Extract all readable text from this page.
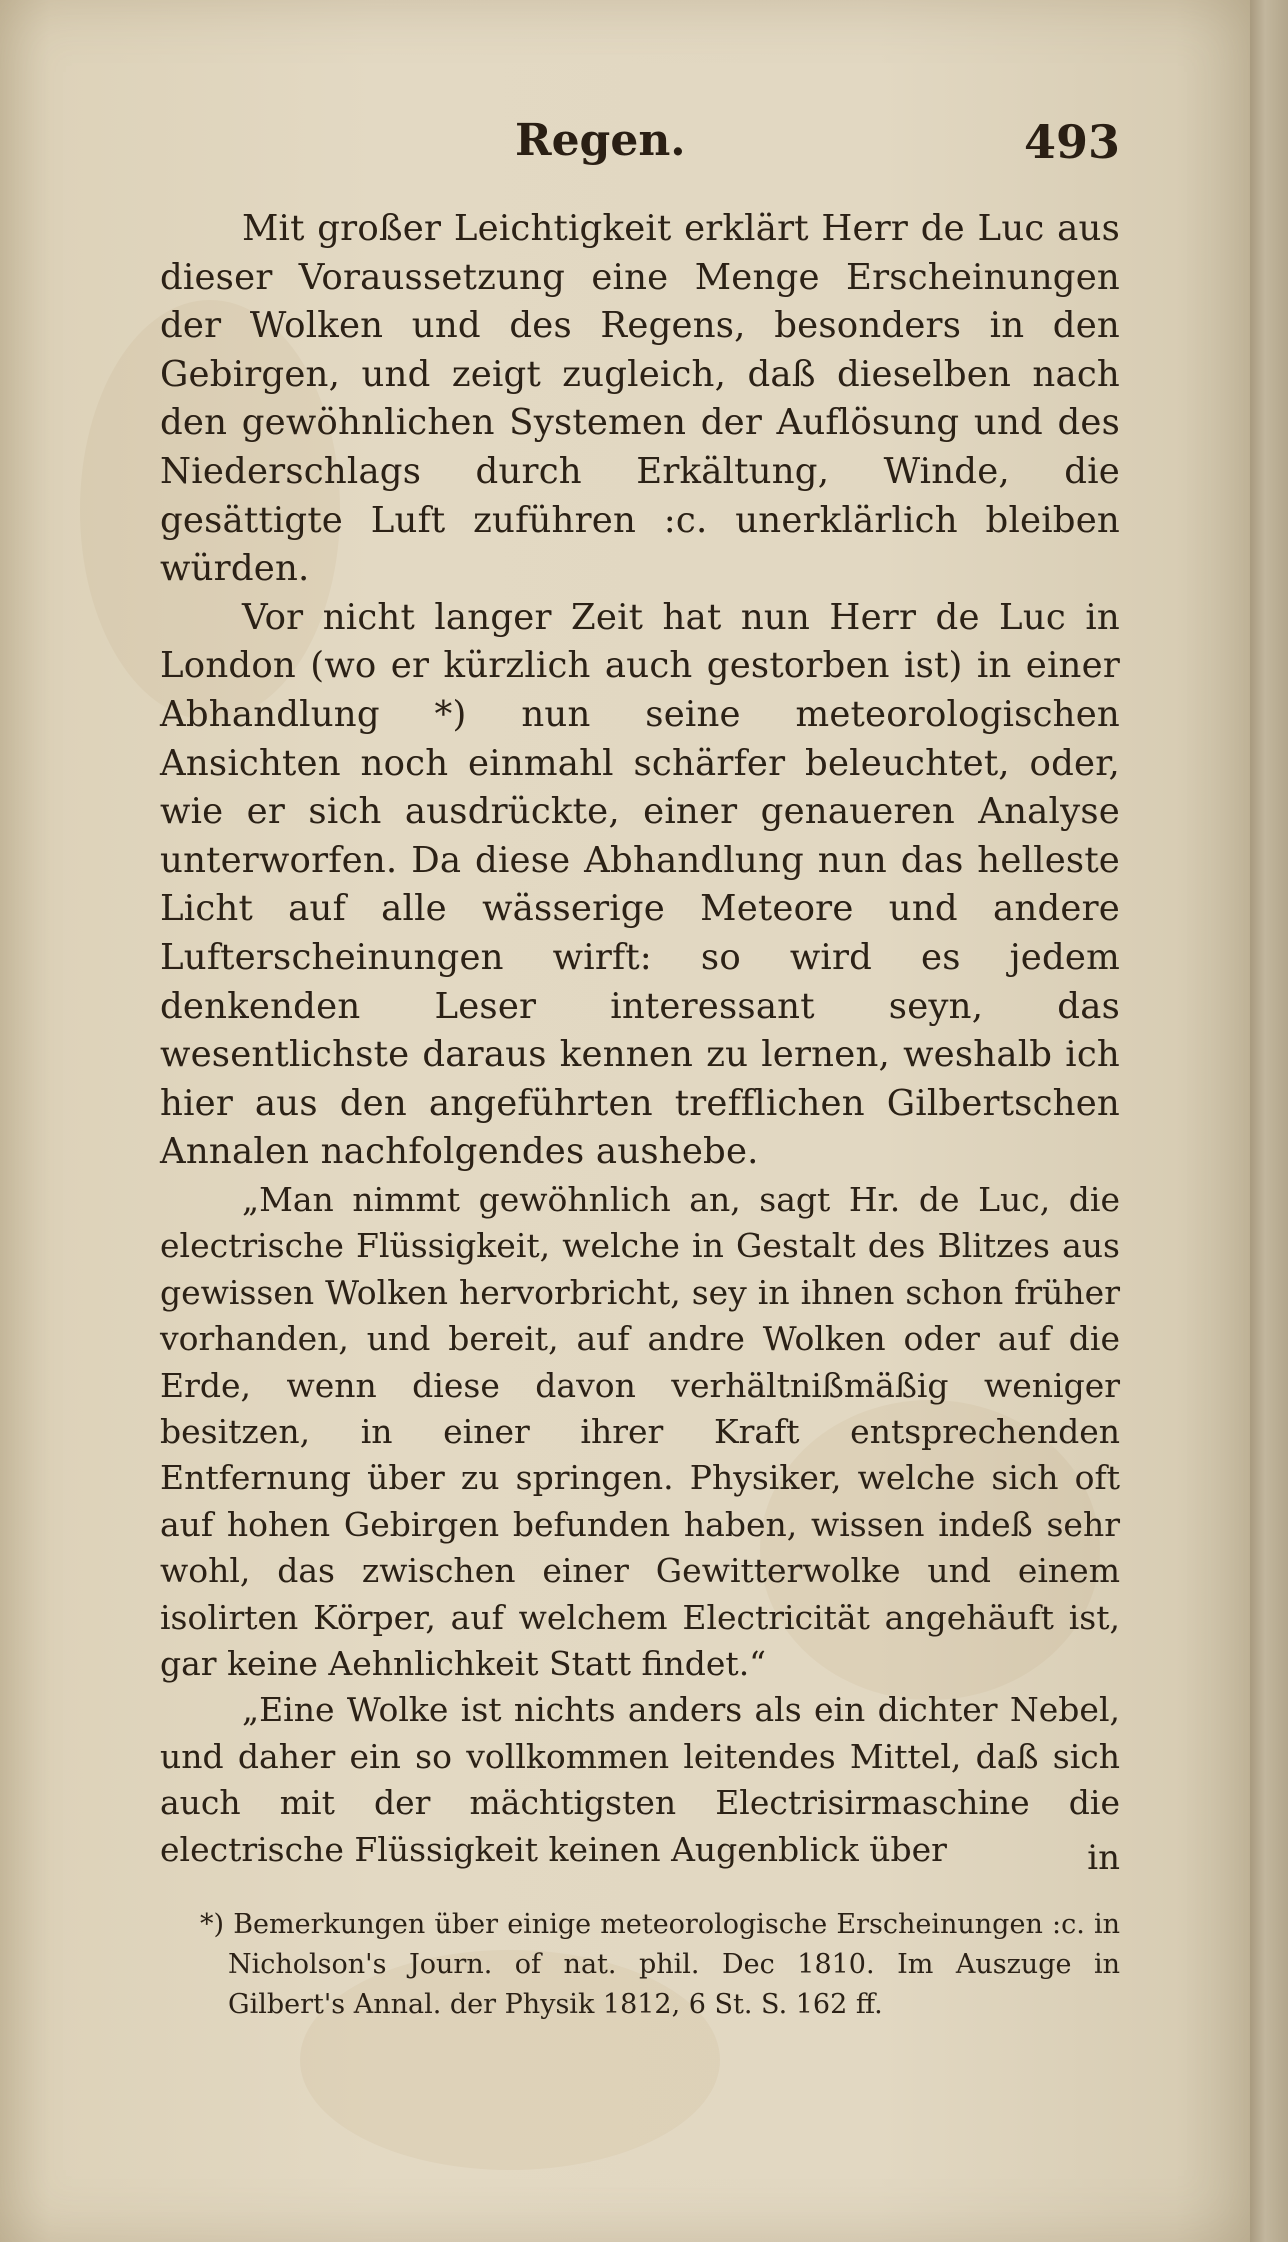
Regen.	493

Mit großer Leichtigkeit erklärt Herr de Luc aus dieser Voraussetzung eine Menge Erscheinungen der Wolken und des Regens, besonders in den Gebirgen, und zeigt zugleich, daß dieselben nach den gewöhnlichen Systemen der Auflösung und des Niederschlags durch Erkältung, Winde, die gesättigte Luft zuführen :c. unerklärlich bleiben würden.

Vor nicht langer Zeit hat nun Herr de Luc in London (wo er kürzlich auch gestorben ist) in einer Abhandlung *) nun seine meteorologischen Ansichten noch einmahl schärfer beleuchtet, oder, wie er sich ausdrückte, einer genaueren Analyse unterworfen. Da diese Abhandlung nun das helleste Licht auf alle wässerige Meteore und andere Lufterscheinungen wirft: so wird es jedem denkenden Leser interessant seyn, das wesentlichste daraus kennen zu lernen, weshalb ich hier aus den angeführten trefflichen Gilbertschen Annalen nachfolgendes aushebe.

„Man nimmt gewöhnlich an, sagt Hr. de Luc, die electrische Flüssigkeit, welche in Gestalt des Blitzes aus gewissen Wolken hervorbricht, sey in ihnen schon früher vorhanden, und bereit, auf andre Wolken oder auf die Erde, wenn diese davon verhältnißmäßig weniger besitzen, in einer ihrer Kraft entsprechenden Entfernung über zu springen. Physiker, welche sich oft auf hohen Gebirgen befunden haben, wissen indeß sehr wohl, das zwischen einer Gewitterwolke und einem isolirten Körper, auf welchem Electricität angehäuft ist, gar keine Aehnlichkeit Statt findet.“

„Eine Wolke ist nichts anders als ein dichter Nebel, und daher ein so vollkommen leitendes Mittel, daß sich auch mit der mächtigsten Electrisirmaschine die electrische Flüssigkeit keinen Augenblick über	in

*) Bemerkungen über einige meteorologische Erscheinungen :c. in Nicholson's Journ. of nat. phil. Dec 1810. Im Auszuge in Gilbert's Annal. der Physik 1812, 6 St. S. 162 ff.
